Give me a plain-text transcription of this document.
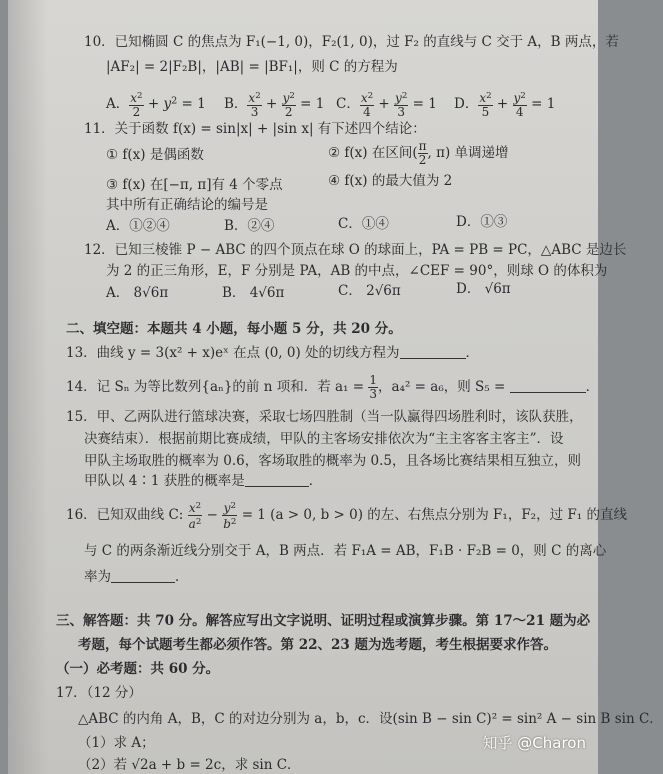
10．已知椭圆 C 的焦点为 F₁(−1, 0)，F₂(1, 0)，过 F₂ 的直线与 C 交于 A，B 两点，若
|AF₂| = 2|F₂B|，|AB| = |BF₁|，则 C 的方程为
A． $\frac{x^2}{2} + y^2 = 1$ B． $\frac{x^2}{3} + \frac{y^2}{2} = 1$ C． $\frac{x^2}{4} + \frac{y^2}{3} = 1$ D． $\frac{x^2}{5} + \frac{y^2}{4} = 1$
11．关于函数 f(x) = sin|x| + |sin x| 有下述四个结论：
① f(x) 是偶函数	② f(x) 在区间( $\frac{\pi}{2}$ , π) 单调递增
③ f(x) 在[−π, π]有 4 个零点	④ f(x) 的最大值为 2
其中所有正确结论的编号是
A．①②④	B．②④	C．①④	D．①③
12．已知三棱锥 P − ABC 的四个顶点在球 O 的球面上，PA = PB = PC，△ABC 是边长
为 2 的正三角形，E，F 分别是 PA，AB 的中点，∠CEF = 90°，则球 O 的体积为
A． 8√6π	B． 4√6π	C． 2√6π	D． √6π
二、填空题：本题共 4 小题，每小题 5 分，共 20 分。
13．曲线 y = 3(x² + x)eˣ 在点 (0, 0) 处的切线方程为	．
14．记 Sₙ 为等比数列{aₙ}的前 n 项和．若 $a_1 = \frac{1}{3}$ ，a₄² = a₆，则 S₅ =	．
15．甲、乙两队进行篮球决赛，采取七场四胜制（当一队赢得四场胜利时，该队获胜，
决赛结束）．根据前期比赛成绩，甲队的主客场安排依次为“主主客客主客主”．设
甲队主场取胜的概率为 0.6，客场取胜的概率为 0.5，且各场比赛结果相互独立，则
甲队以 4∶1 获胜的概率是	．
16．已知双曲线 C: $\frac{x^2}{a^2} - \frac{y^2}{b^2} = 1$ (a > 0, b > 0) 的左、右焦点分别为 F₁，F₂，过 F₁ 的直线
与 C 的两条渐近线分别交于 A，B 两点．若 F₁A = AB，F₁B · F₂B = 0，则 C 的离心
率为	．
三、解答题：共 70 分。解答应写出文字说明、证明过程或演算步骤。第 17～21 题为必
考题，每个试题考生都必须作答。第 22、23 题为选考题，考生根据要求作答。
（一）必考题：共 60 分。
17．（12 分）
△ABC 的内角 A，B，C 的对边分别为 a，b，c．设(sin B − sin C)² = sin² A − sin B sin C．
（1）求 A；
（2）若 √2a + b = 2c，求 sin C．
知乎 @Charon
